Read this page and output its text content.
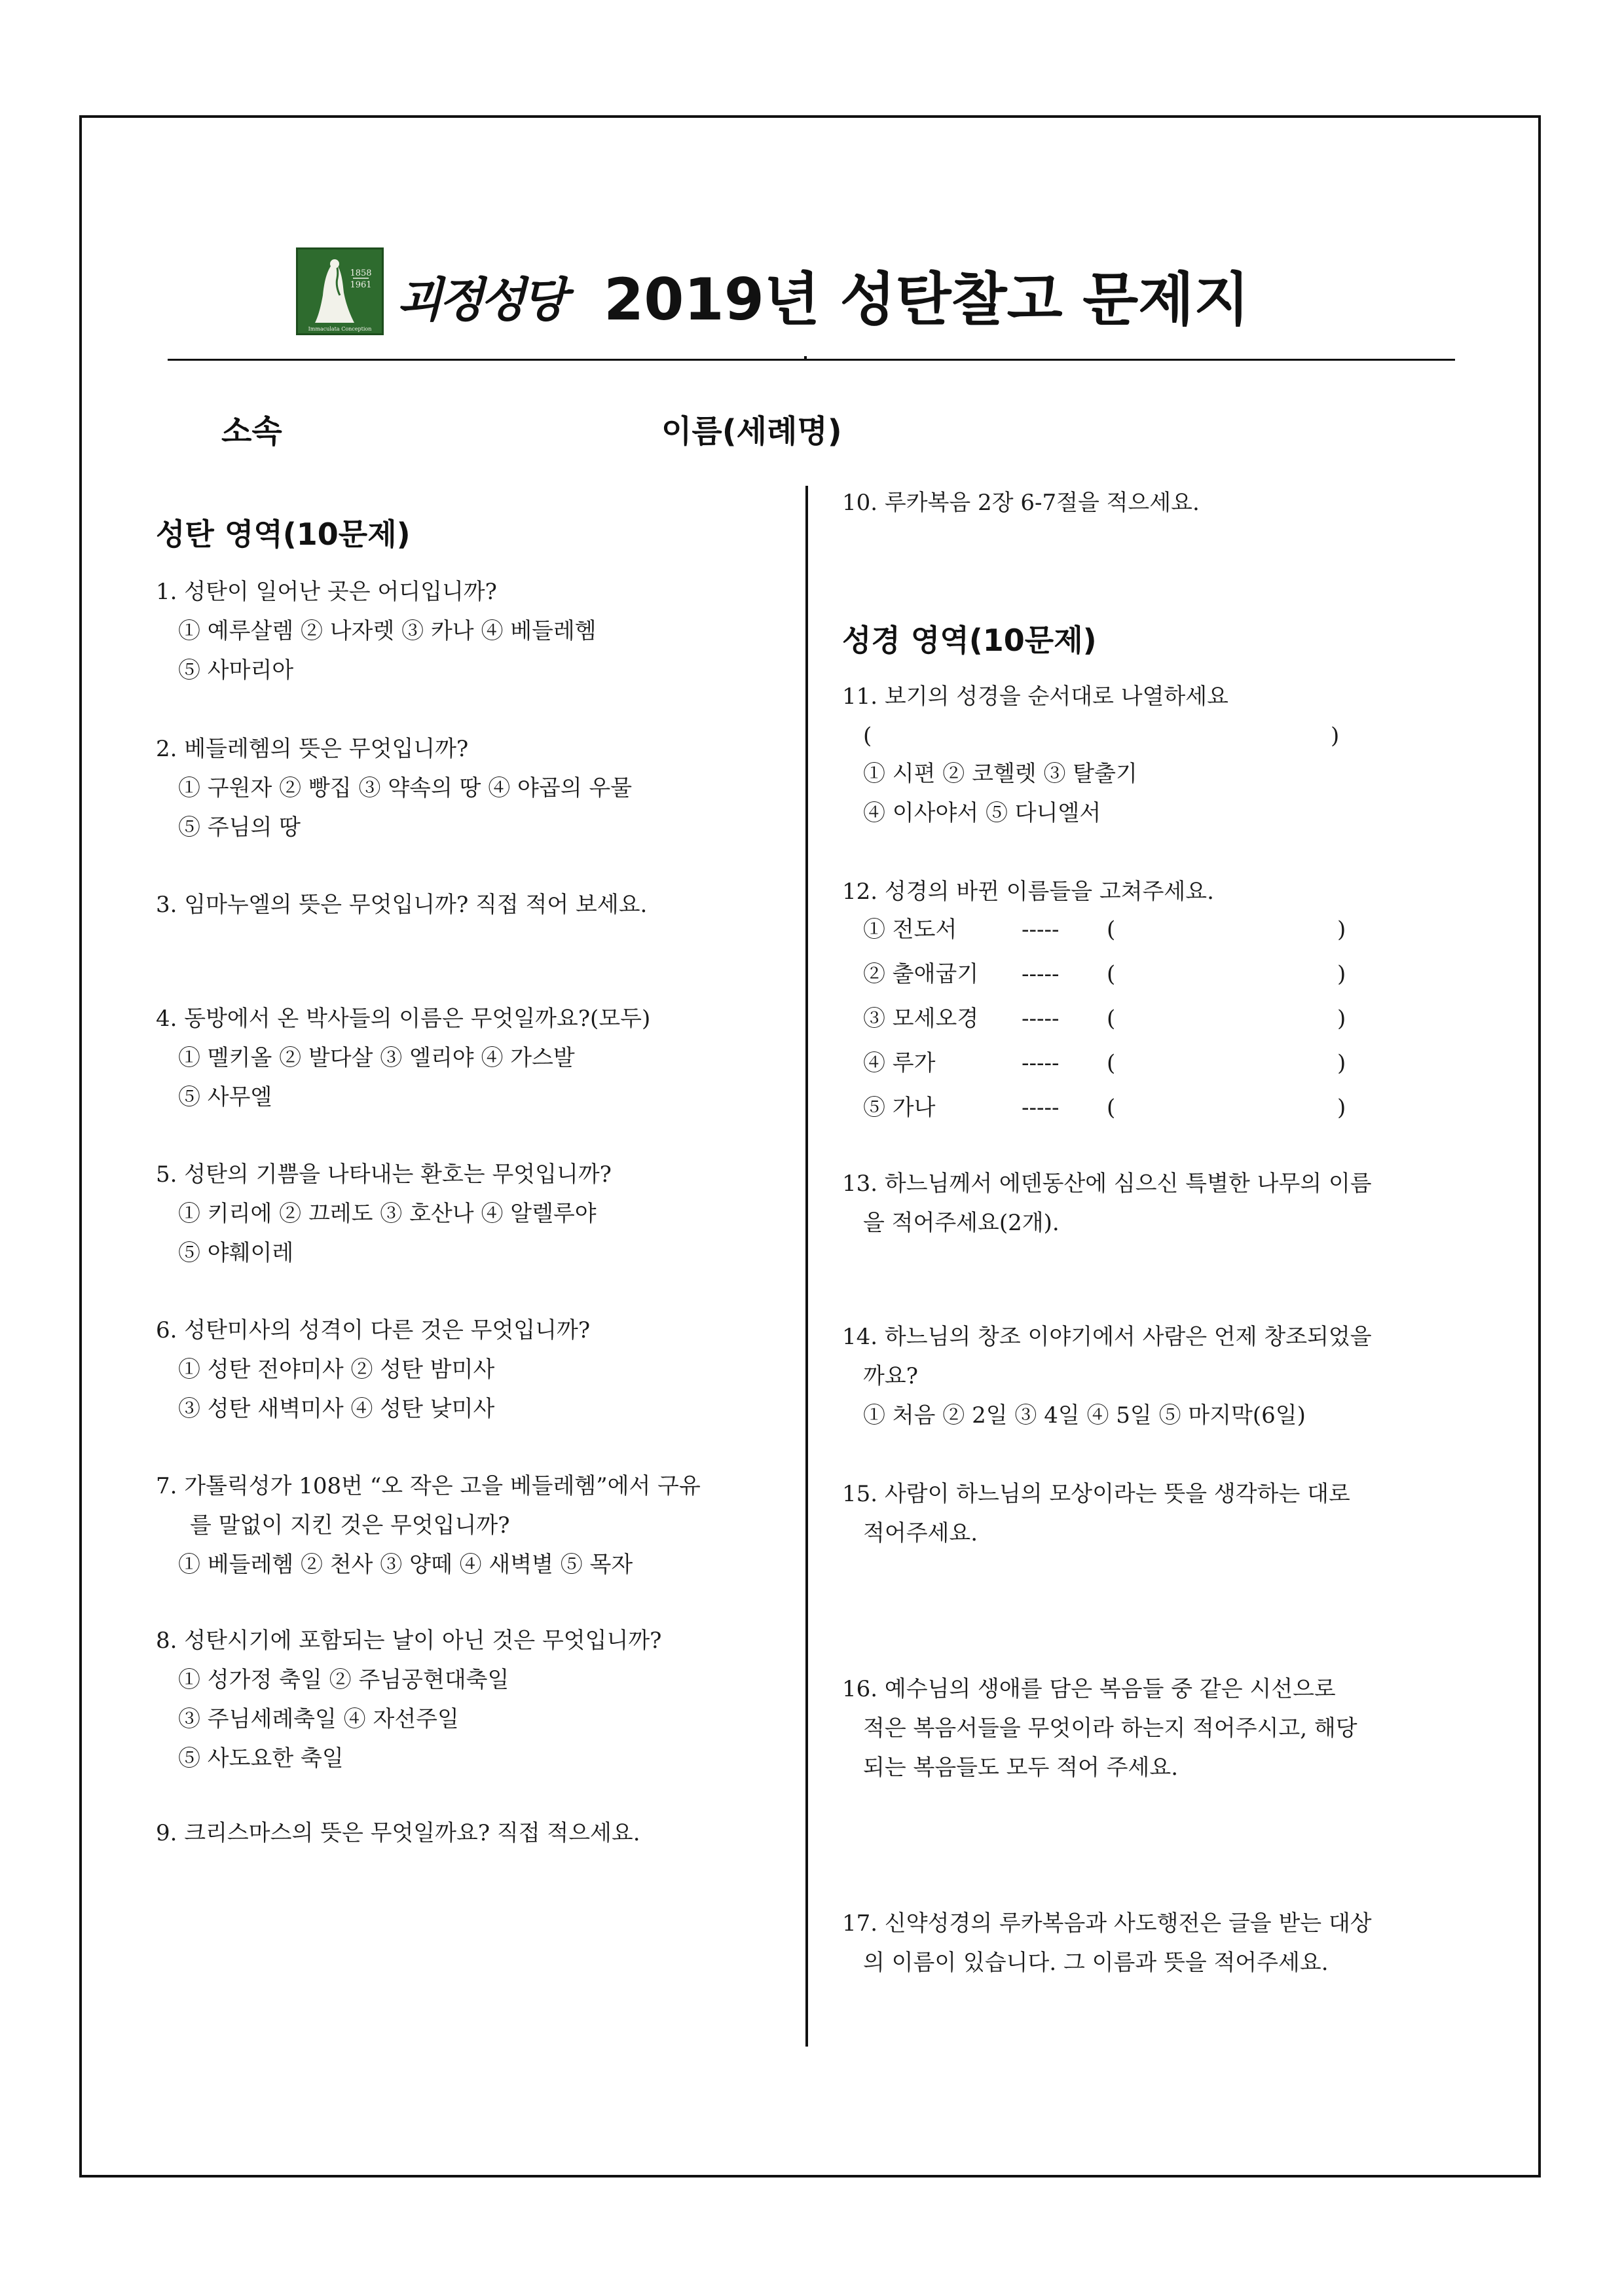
1858
1961
Immaculata Conception
괴정성당 2019년 성탄찰고 문제지
소속	이름(세례명)
성탄 영역(10문제)
1. 성탄이 일어난 곳은 어디입니까?
① 예루살렘 ② 나자렛 ③ 카나 ④ 베들레헴
⑤ 사마리아
2. 베들레헴의 뜻은 무엇입니까?
① 구원자 ② 빵집 ③ 약속의 땅 ④ 야곱의 우물
⑤ 주님의 땅
3. 임마누엘의 뜻은 무엇입니까? 직접 적어 보세요.
4. 동방에서 온 박사들의 이름은 무엇일까요?(모두)
① 멜키올 ② 발다살 ③ 엘리야 ④ 가스발
⑤ 사무엘
5. 성탄의 기쁨을 나타내는 환호는 무엇입니까?
① 키리에 ② 끄레도 ③ 호산나 ④ 알렐루야
⑤ 야훼이레
6. 성탄미사의 성격이 다른 것은 무엇입니까?
① 성탄 전야미사 ② 성탄 밤미사
③ 성탄 새벽미사 ④ 성탄 낮미사
7. 가톨릭성가 108번 “오 작은 고을 베들레헴”에서 구유
를 말없이 지킨 것은 무엇입니까?
① 베들레헴 ② 천사 ③ 양떼 ④ 새벽별 ⑤ 목자
8. 성탄시기에 포함되는 날이 아닌 것은 무엇입니까?
① 성가정 축일 ② 주님공현대축일
③ 주님세례축일 ④ 자선주일
⑤ 사도요한 축일
9. 크리스마스의 뜻은 무엇일까요? 직접 적으세요.
10. 루카복음 2장 6-7절을 적으세요.
성경 영역(10문제)
11. 보기의 성경을 순서대로 나열하세요
(	)
① 시편 ② 코헬렛 ③ 탈출기
④ 이사야서 ⑤ 다니엘서
12. 성경의 바뀐 이름들을 고쳐주세요.
① 전도서	----- (	)
② 출애굽기 ----- (	)
③ 모세오경 ----- (	)
④ 루가	----- (	)
⑤ 가나	----- (	)
13. 하느님께서 에덴동산에 심으신 특별한 나무의 이름
을 적어주세요(2개).
14. 하느님의 창조 이야기에서 사람은 언제 창조되었을
까요?
① 처음 ② 2일 ③ 4일 ④ 5일 ⑤ 마지막(6일)
15. 사람이 하느님의 모상이라는 뜻을 생각하는 대로
적어주세요.
16. 예수님의 생애를 담은 복음들 중 같은 시선으로
적은 복음서들을 무엇이라 하는지 적어주시고, 해당
되는 복음들도 모두 적어 주세요.
17. 신약성경의 루카복음과 사도행전은 글을 받는 대상
의 이름이 있습니다. 그 이름과 뜻을 적어주세요.
